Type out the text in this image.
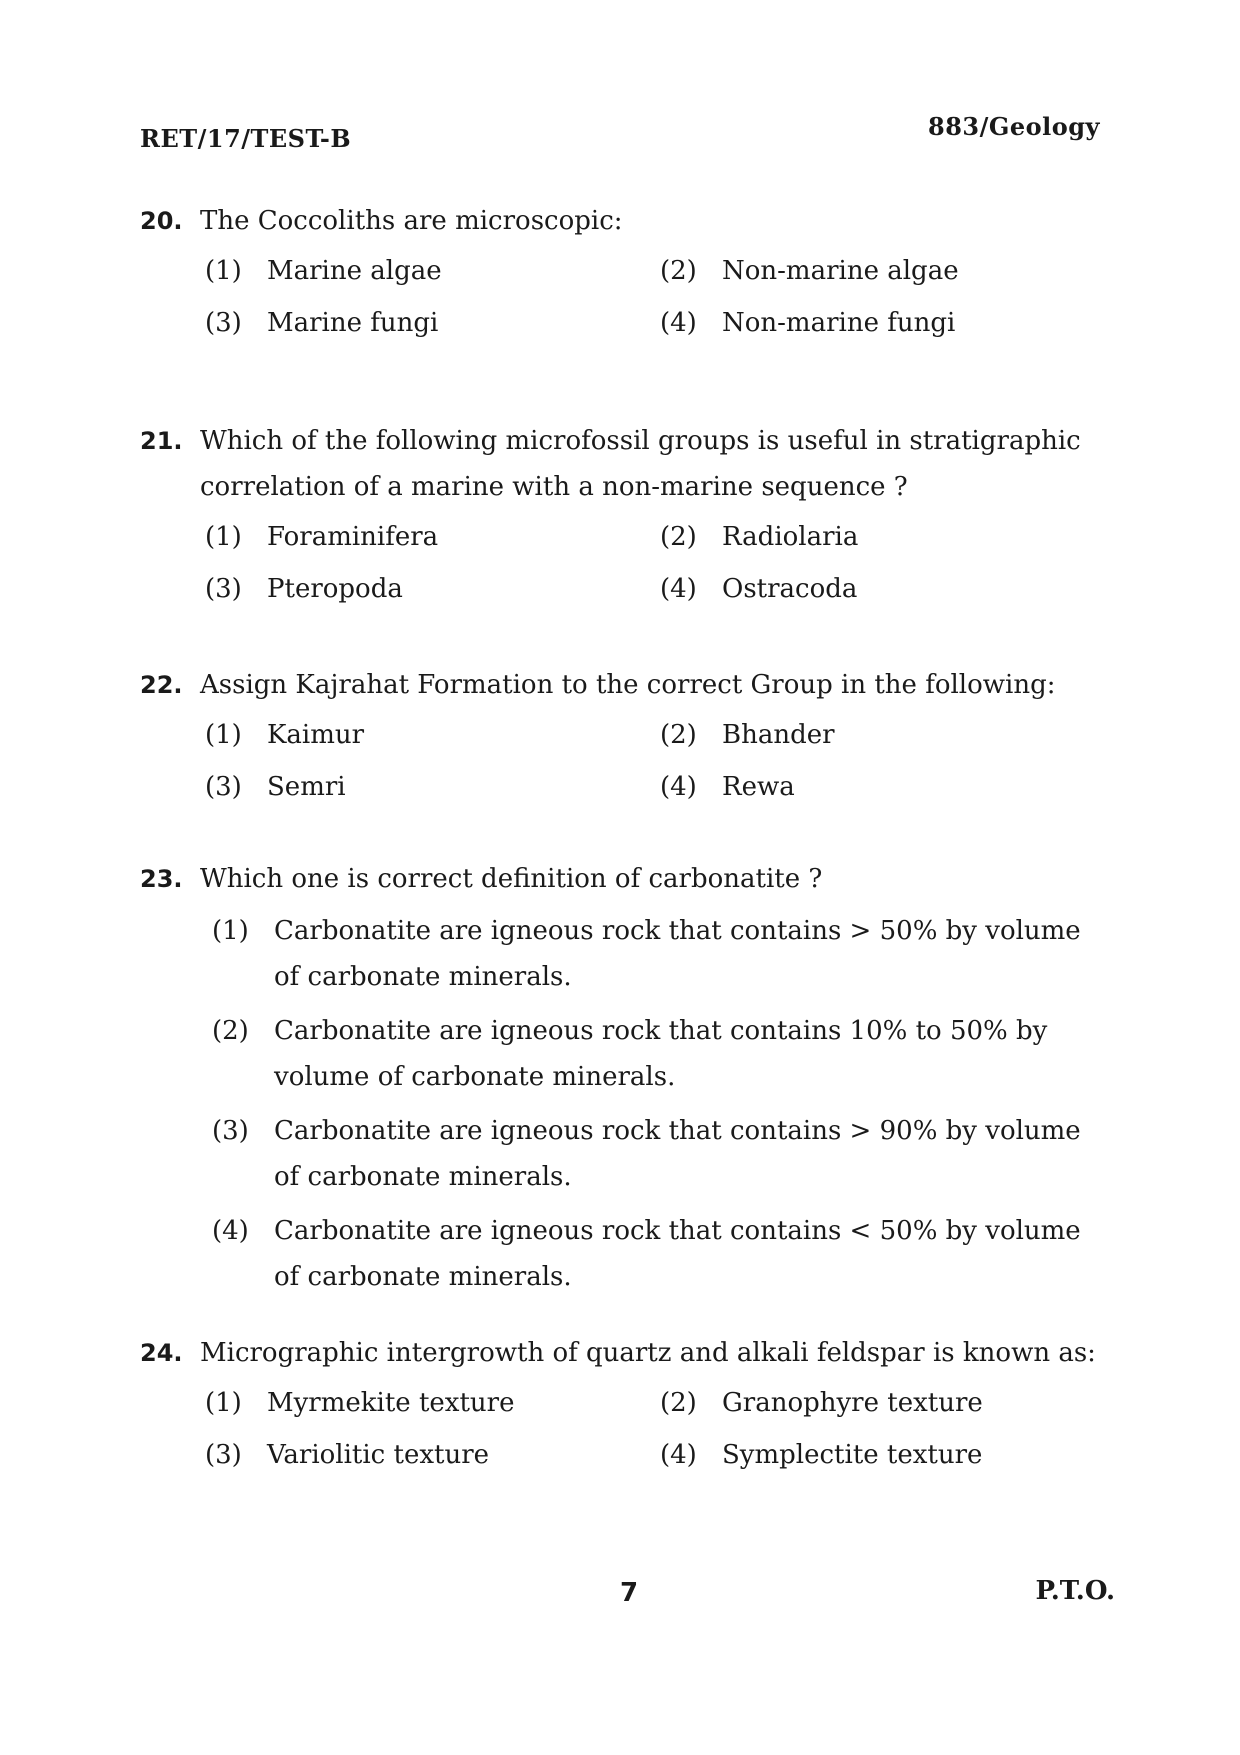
RET/17/TEST-B	883/Geology
20. The Coccoliths are microscopic:
(1) Marine algae	(2) Non-marine algae
(3) Marine fungi	(4) Non-marine fungi
21. Which of the following microfossil groups is useful in stratigraphic correlation of a marine with a non-marine sequence ?
(1) Foraminifera	(2) Radiolaria
(3) Pteropoda	(4) Ostracoda
22. Assign Kajrahat Formation to the correct Group in the following:
(1) Kaimur	(2) Bhander
(3) Semri	(4) Rewa
23. Which one is correct definition of carbonatite ?
(1) Carbonatite are igneous rock that contains > 50% by volume of carbonate minerals.
(2) Carbonatite are igneous rock that contains 10% to 50% by volume of carbonate minerals.
(3) Carbonatite are igneous rock that contains > 90% by volume of carbonate minerals.
(4) Carbonatite are igneous rock that contains < 50% by volume of carbonate minerals.
24. Micrographic intergrowth of quartz and alkali feldspar is known as:
(1) Myrmekite texture	(2) Granophyre texture
(3) Variolitic texture	(4) Symplectite texture
7	P.T.O.
